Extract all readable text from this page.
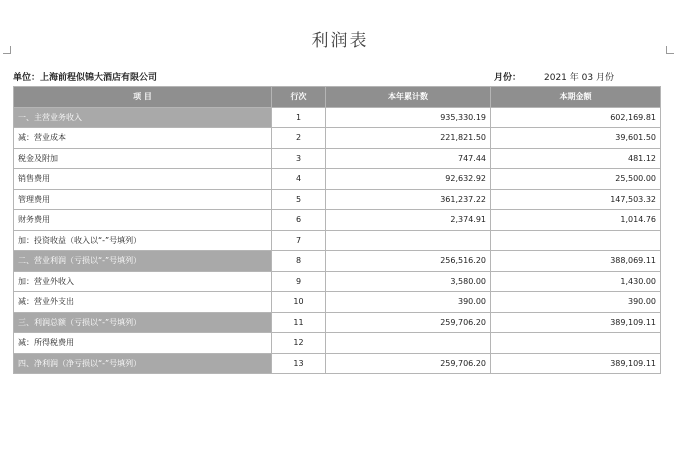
利润表
单位：上海前程似锦大酒店有限公司	月份：	2021 年 03 月份
项 目	行次	本年累计数	本期金额
一、主营业务收入	1	935,330.19	602,169.81
减：营业成本	2	221,821.50	39,601.50
税金及附加	3	747.44	481.12
销售费用	4	92,632.92	25,500.00
管理费用	5	361,237.22	147,503.32
财务费用	6	2,374.91	1,014.76
加：投资收益（收入以“-”号填列）	7		
二、营业利润（亏损以“-”号填列）	8	256,516.20	388,069.11
加：营业外收入	9	3,580.00	1,430.00
减：营业外支出	10	390.00	390.00
三、利润总额（亏损以“-”号填列）	11	259,706.20	389,109.11
减：所得税费用	12		
四、净利润（净亏损以“-”号填列）	13	259,706.20	389,109.11
